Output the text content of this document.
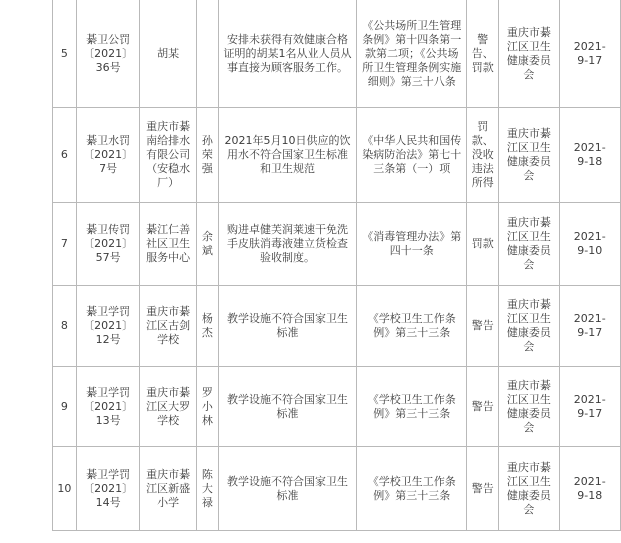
5	綦卫公罚
〔2021〕
36号	胡某		安排未获得有效健康合格证明的胡某1名从业人员从事直接为顾客服务工作。	《公共场所卫生管理条例》第十四条第一款第二项；《公共场所卫生管理条例实施细则》第三十八条	警告、罚款	重庆市綦江区卫生健康委员会	2021-
9-17
6	綦卫水罚
〔2021〕
7号	重庆市綦南给排水有限公司（安稳水厂）	孙荣强	2021年5月10日供应的饮用水不符合国家卫生标准和卫生规范	《中华人民共和国传染病防治法》第七十三条第（一）项	罚款、没收违法所得	重庆市綦江区卫生健康委员会	2021-
9-18
7	綦卫传罚
〔2021〕
57号	綦江仁善社区卫生服务中心	余斌	购进卓健芙润莱速干免洗手皮肤消毒液建立货检查验收制度。	《消毒管理办法》第四十一条	罚款	重庆市綦江区卫生健康委员会	2021-
9-10
8	綦卫学罚
〔2021〕
12号	重庆市綦江区古剑学校	杨杰	教学设施不符合国家卫生标准	《学校卫生工作条例》第三十三条	警告	重庆市綦江区卫生健康委员会	2021-
9-17
9	綦卫学罚
〔2021〕
13号	重庆市綦江区大罗学校	罗小林	教学设施不符合国家卫生标准	《学校卫生工作条例》第三十三条	警告	重庆市綦江区卫生健康委员会	2021-
9-17
10	綦卫学罚
〔2021〕
14号	重庆市綦江区新盛小学	陈大禄	教学设施不符合国家卫生标准	《学校卫生工作条例》第三十三条	警告	重庆市綦江区卫生健康委员会	2021-
9-18
